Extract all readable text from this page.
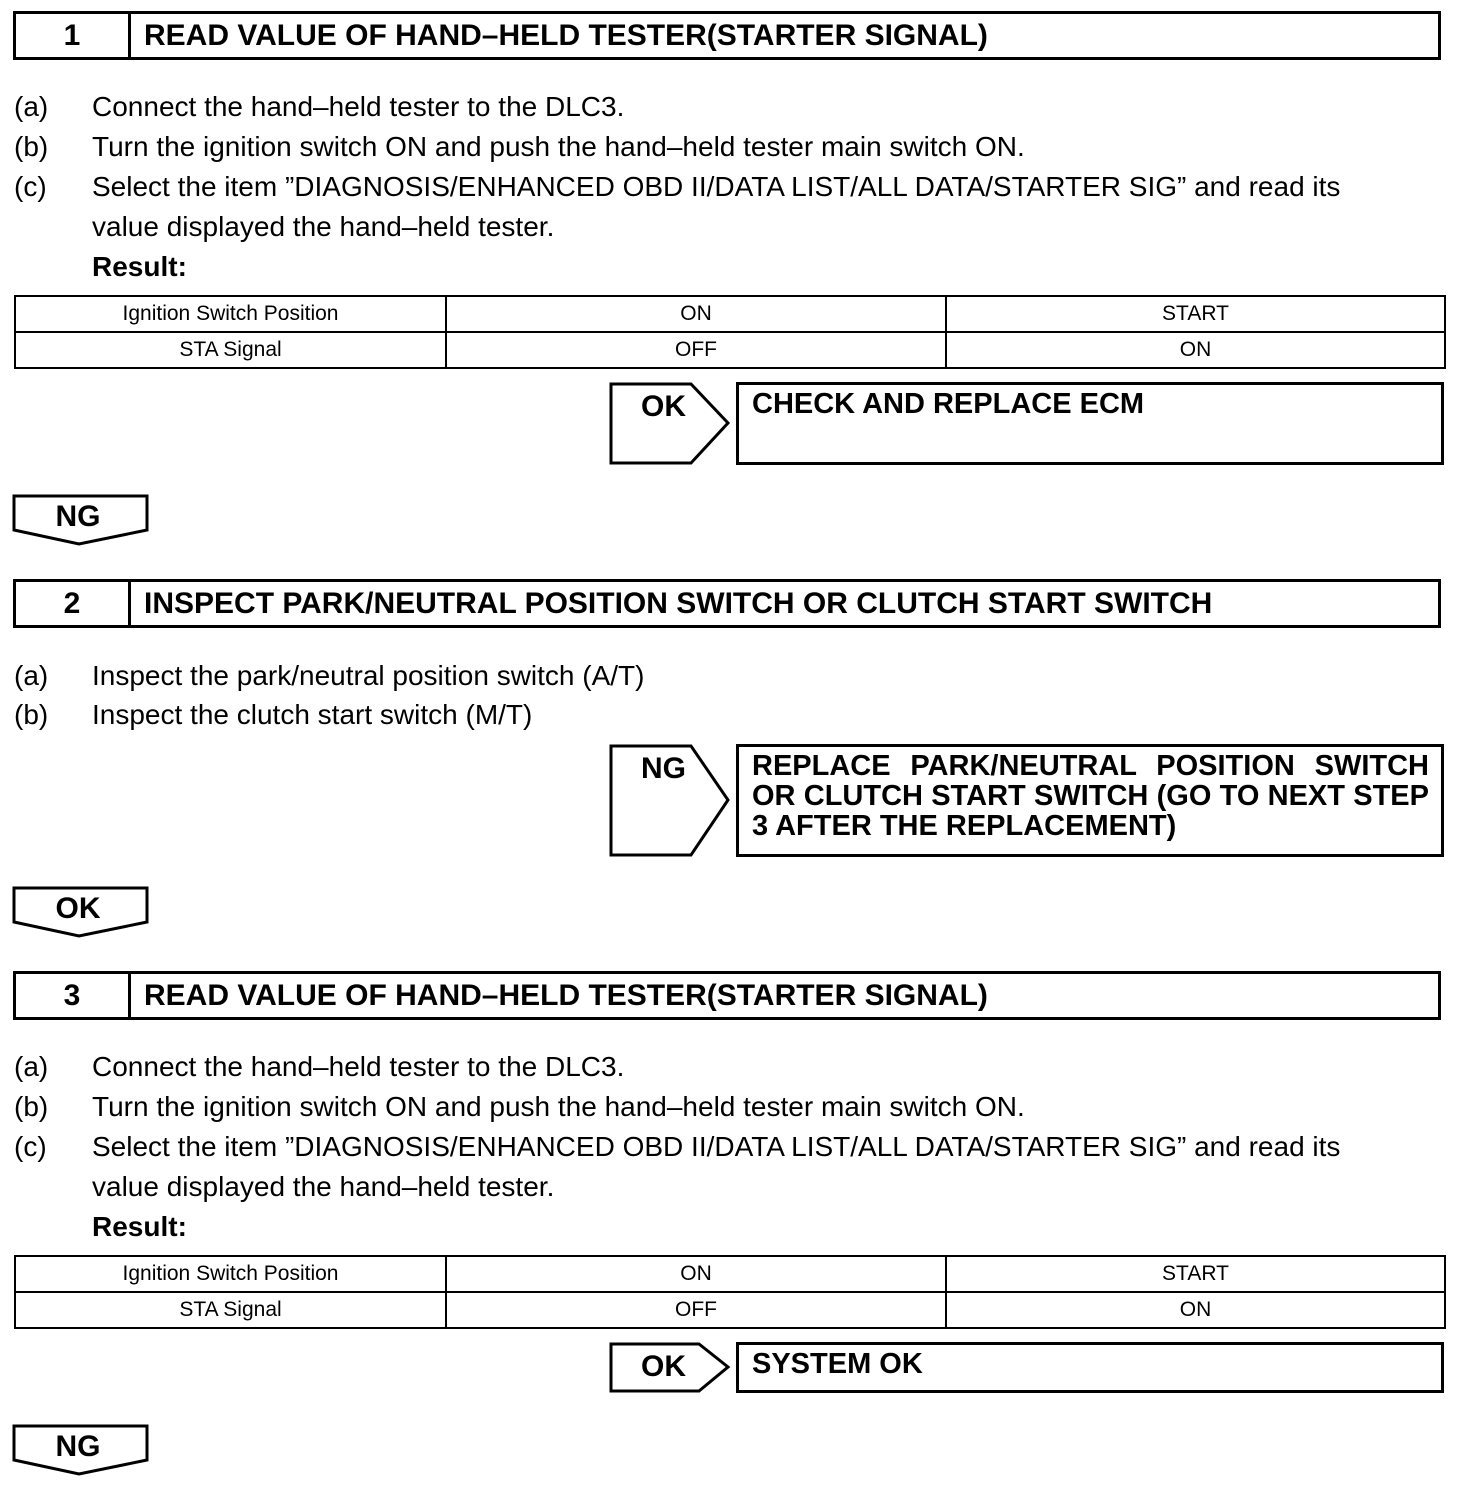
1	READ VALUE OF HAND–HELD TESTER(STARTER SIGNAL)
(a) Connect the hand–held tester to the DLC3.
(b) Turn the ignition switch ON and push the hand–held tester main switch ON.
(c) Select the item ”DIAGNOSIS/ENHANCED OBD II/DATA LIST/ALL DATA/STARTER SIG” and read its
value displayed the hand–held tester.
Result:
Ignition Switch Position	ON	START
STA Signal	OFF	ON
OK	CHECK AND REPLACE ECM
NG
2	INSPECT PARK/NEUTRAL POSITION SWITCH OR CLUTCH START SWITCH
(a) Inspect the park/neutral position switch (A/T)
(b) Inspect the clutch start switch (M/T)
NG	REPLACE PARK/NEUTRAL POSITION SWITCH OR CLUTCH START SWITCH (GO TO NEXT STEP 3 AFTER THE REPLACEMENT)
OK
3	READ VALUE OF HAND–HELD TESTER(STARTER SIGNAL)
(a) Connect the hand–held tester to the DLC3.
(b) Turn the ignition switch ON and push the hand–held tester main switch ON.
(c) Select the item ”DIAGNOSIS/ENHANCED OBD II/DATA LIST/ALL DATA/STARTER SIG” and read its
value displayed the hand–held tester.
Result:
Ignition Switch Position	ON	START
STA Signal	OFF	ON
OK	SYSTEM OK
NG
